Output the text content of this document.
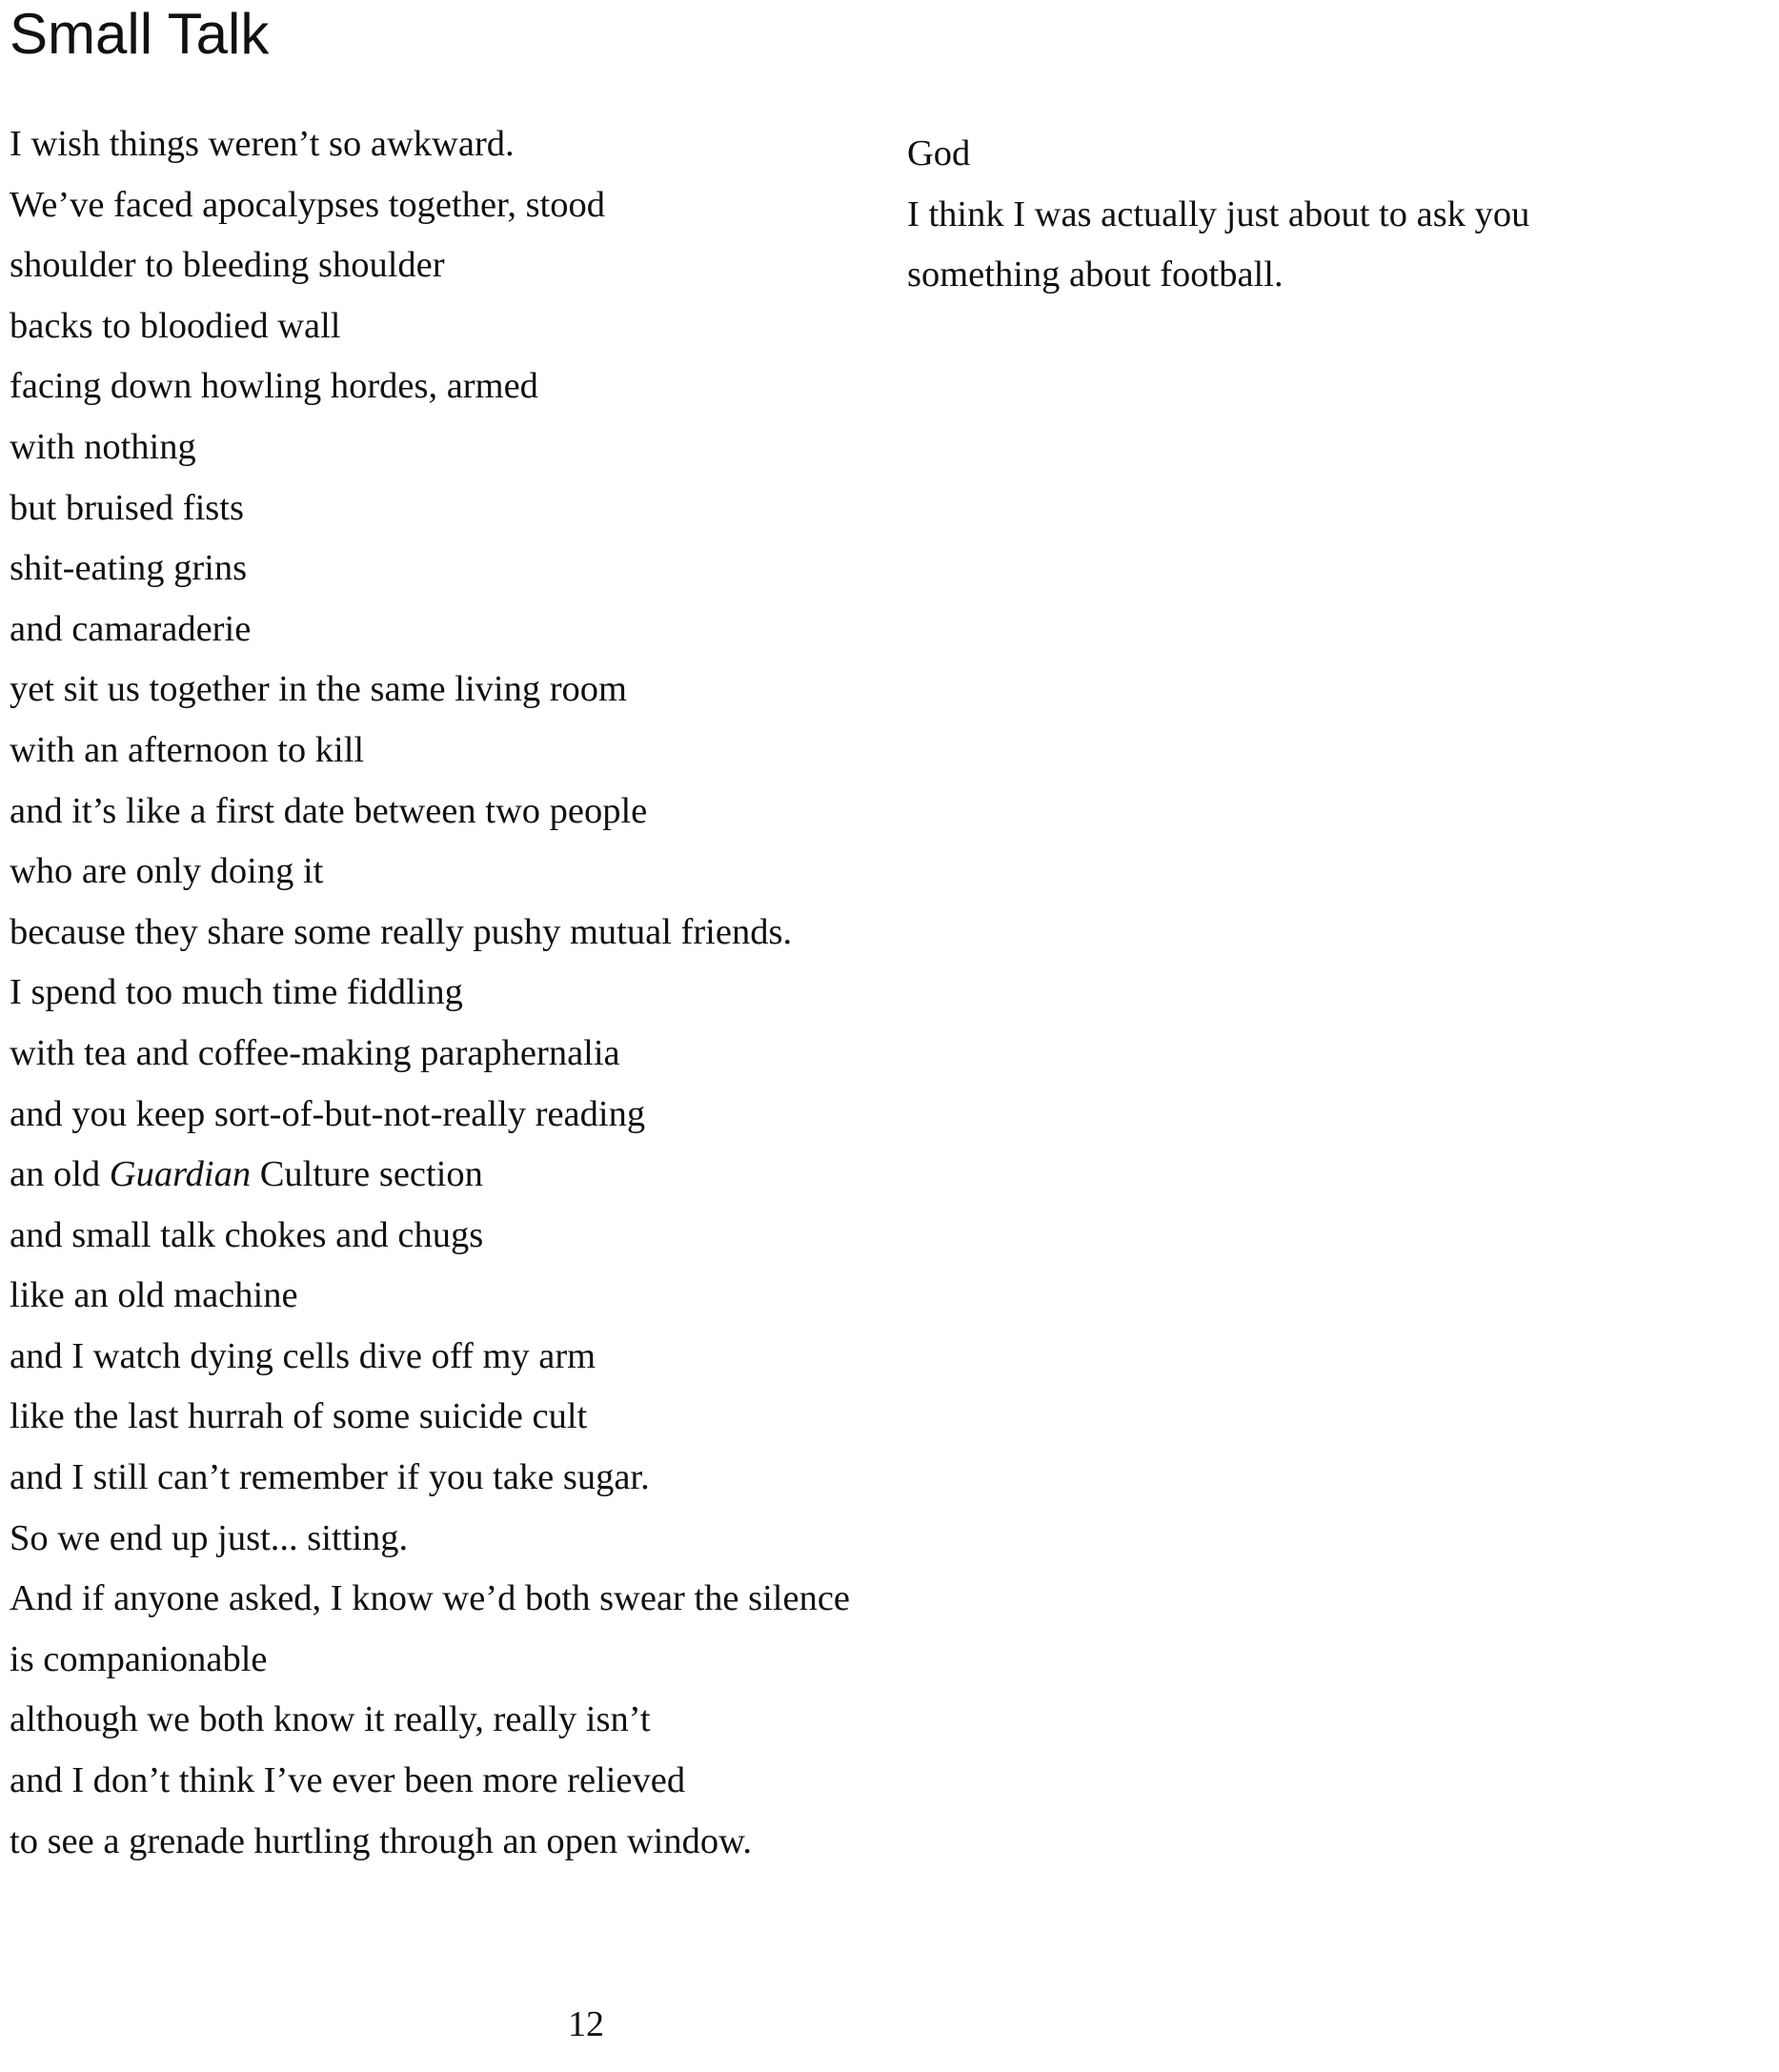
Small Talk
I wish things weren’t so awkward.
We’ve faced apocalypses together, stood
shoulder to bleeding shoulder
backs to bloodied wall
facing down howling hordes, armed
with nothing
but bruised fists
shit-eating grins
and camaraderie
yet sit us together in the same living room
with an afternoon to kill
and it’s like a first date between two people
who are only doing it
because they share some really pushy mutual friends.
I spend too much time fiddling
with tea and coffee-making paraphernalia
and you keep sort-of-but-not-really reading
an old Guardian Culture section
and small talk chokes and chugs
like an old machine
and I watch dying cells dive off my arm
like the last hurrah of some suicide cult
and I still can’t remember if you take sugar.
So we end up just... sitting.
And if anyone asked, I know we’d both swear the silence
is companionable
although we both know it really, really isn’t
and I don’t think I’ve ever been more relieved
to see a grenade hurtling through an open window.
God
I think I was actually just about to ask you
something about football.
12
